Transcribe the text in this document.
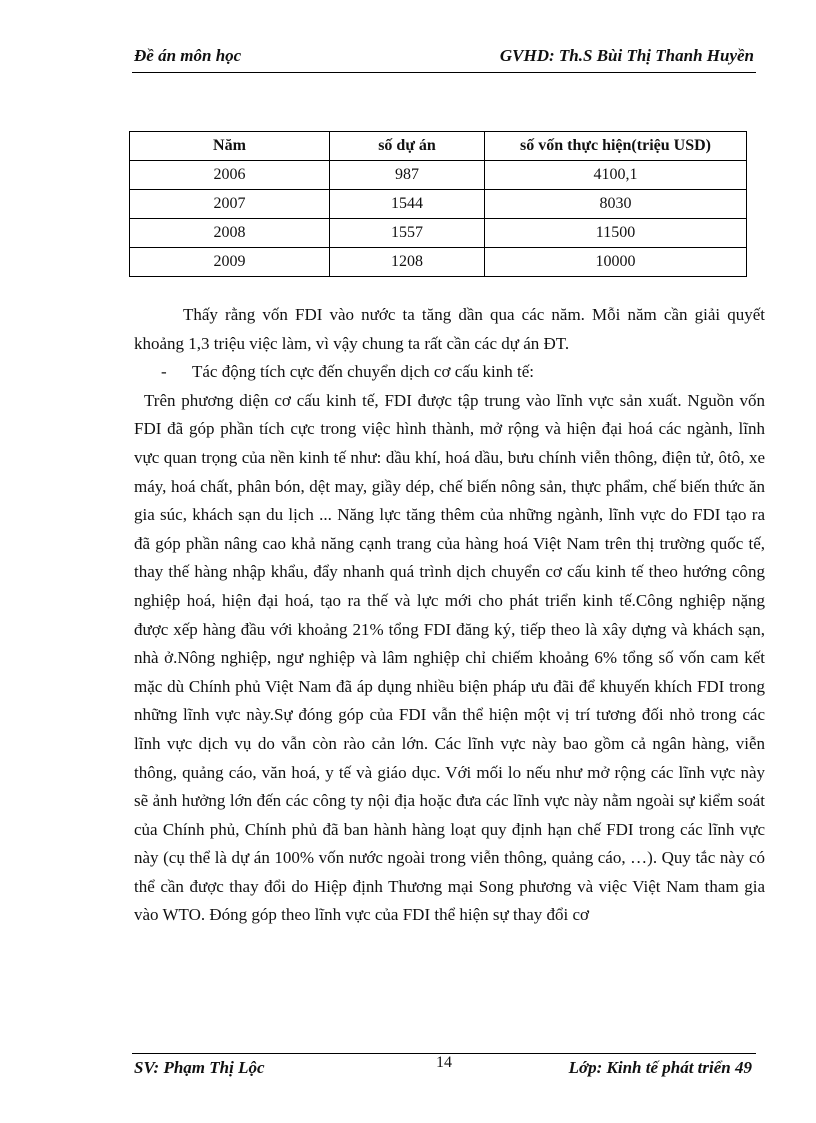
Đề án môn học	GVHD: Th.S Bùi Thị Thanh Huyền
Năm	số dự án	số vốn thực hiện(triệu USD)
2006	987	4100,1
2007	1544	8030
2008	1557	11500
2009	1208	10000

Thấy rằng vốn FDI vào nước ta tăng dần qua các năm. Mỗi năm cần giải quyết khoảng 1,3 triệu việc làm, vì vậy chung ta rất cần các dự án ĐT.

- Tác động tích cực đến chuyển dịch cơ cấu kinh tế:

Trên phương diện cơ cấu kinh tế, FDI được tập trung vào lĩnh vực sản xuất. Nguồn vốn FDI đã góp phần tích cực trong việc hình thành, mở rộng và hiện đại hoá các ngành, lĩnh vực quan trọng của nền kinh tế như: dầu khí, hoá dầu, bưu chính viễn thông, điện tử, ôtô, xe máy, hoá chất, phân bón, dệt may, giầy dép, chế biến nông sản, thực phẩm, chế biến thức ăn gia súc, khách sạn du lịch ... Năng lực tăng thêm của những ngành, lĩnh vực do FDI tạo ra đã góp phần nâng cao khả năng cạnh trang của hàng hoá Việt Nam trên thị trường quốc tế, thay thế hàng nhập khẩu, đẩy nhanh quá trình dịch chuyển cơ cấu kinh tế theo hướng công nghiệp hoá, hiện đại hoá, tạo ra thế và lực mới cho phát triển kinh tế.Công nghiệp nặng được xếp hàng đầu với khoảng 21% tổng FDI đăng ký, tiếp theo là xây dựng và khách sạn, nhà ở.Nông nghiệp, ngư nghiệp và lâm nghiệp chỉ chiếm khoảng 6% tổng số vốn cam kết mặc dù Chính phủ Việt Nam đã áp dụng nhiều biện pháp ưu đãi để khuyến khích FDI trong những lĩnh vực này.Sự đóng góp của FDI vẫn thể hiện một vị trí tương đối nhỏ trong các lĩnh vực dịch vụ do vẫn còn rào cản lớn. Các lĩnh vực này bao gồm cả ngân hàng, viễn thông, quảng cáo, văn hoá, y tế và giáo dục. Với mối lo nếu như mở rộng các lĩnh vực này sẽ ảnh hưởng lớn đến các công ty nội địa hoặc đưa các lĩnh vực này nằm ngoài sự kiểm soát của Chính phủ, Chính phủ đã ban hành hàng loạt quy định hạn chế FDI trong các lĩnh vực này (cụ thể là dự án 100% vốn nước ngoài trong viễn thông, quảng cáo, …). Quy tắc này có thể cần được thay đổi do Hiệp định Thương mại Song phương và việc Việt Nam tham gia vào WTO. Đóng góp theo lĩnh vực của FDI thể hiện sự thay đổi cơ

SV: Phạm Thị Lộc	14	Lớp: Kinh tế phát triển 49
